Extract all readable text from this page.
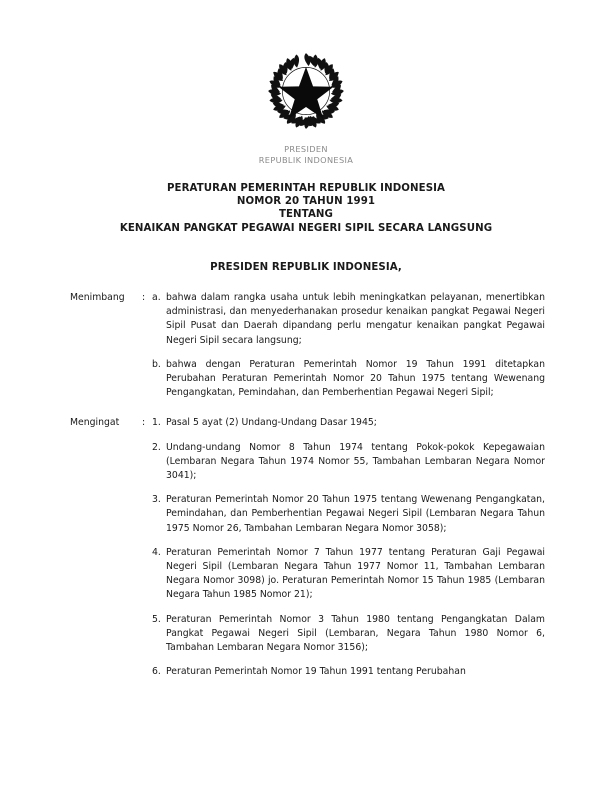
PRESIDEN
REPUBLIK INDONESIA
PERATURAN PEMERINTAH REPUBLIK INDONESIA
NOMOR 20 TAHUN 1991
TENTANG
KENAIKAN PANGKAT PEGAWAI NEGERI SIPIL SECARA LANGSUNG
PRESIDEN REPUBLIK INDONESIA,
Menimbang	: a. bahwa dalam rangka usaha untuk lebih meningkatkan pelayanan, menertibkan administrasi, dan menyederhanakan prosedur kenaikan pangkat Pegawai Negeri Sipil Pusat dan Daerah dipandang perlu mengatur kenaikan pangkat Pegawai Negeri Sipil secara langsung;
b. bahwa dengan Peraturan Pemerintah Nomor 19 Tahun 1991 ditetapkan Perubahan Peraturan Pemerintah Nomor 20 Tahun 1975 tentang Wewenang Pengangkatan, Pemindahan, dan Pemberhentian Pegawai Negeri Sipil;
Mengingat	: 1. Pasal 5 ayat (2) Undang-Undang Dasar 1945;
2. Undang-undang Nomor 8 Tahun 1974 tentang Pokok-pokok Kepegawaian (Lembaran Negara Tahun 1974 Nomor 55, Tambahan Lembaran Negara Nomor 3041);
3. Peraturan Pemerintah Nomor 20 Tahun 1975 tentang Wewenang Pengangkatan, Pemindahan, dan Pemberhentian Pegawai Negeri Sipil (Lembaran Negara Tahun 1975 Nomor 26, Tambahan Lembaran Negara Nomor 3058);
4. Peraturan Pemerintah Nomor 7 Tahun 1977 tentang Peraturan Gaji Pegawai Negeri Sipil (Lembaran Negara Tahun 1977 Nomor 11, Tambahan Lembaran Negara Nomor 3098) jo. Peraturan Pemerintah Nomor 15 Tahun 1985 (Lembaran Negara Tahun 1985 Nomor 21);
5. Peraturan Pemerintah Nomor 3 Tahun 1980 tentang Pengangkatan Dalam Pangkat Pegawai Negeri Sipil (Lembaran, Negara Tahun 1980 Nomor 6, Tambahan Lembaran Negara Nomor 3156);
6. Peraturan Pemerintah Nomor 19 Tahun 1991 tentang Perubahan
